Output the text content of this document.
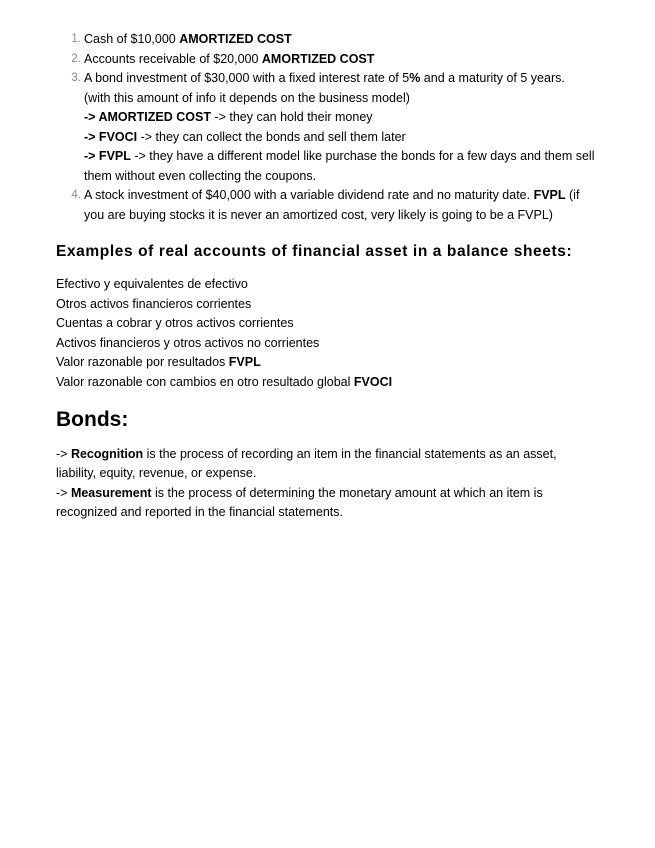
1. Cash of $10,000 AMORTIZED COST
2. Accounts receivable of $20,000 AMORTIZED COST
3. A bond investment of $30,000 with a fixed interest rate of 5% and a maturity of 5 years.
(with this amount of info it depends on the business model)
-> AMORTIZED COST -> they can hold their money
-> FVOCI -> they can collect the bonds and sell them later
-> FVPL -> they have a different model like purchase the bonds for a few days and them sell them without even collecting the coupons.
4. A stock investment of $40,000 with a variable dividend rate and no maturity date. FVPL (if you are buying stocks it is never an amortized cost, very likely is going to be a FVPL)
Examples of real accounts of financial asset in a balance sheets:
Efectivo y equivalentes de efectivo
Otros activos financieros corrientes
Cuentas a cobrar y otros activos corrientes
Activos financieros y otros activos no corrientes
Valor razonable por resultados FVPL
Valor razonable con cambios en otro resultado global FVOCI
Bonds:
-> Recognition is the process of recording an item in the financial statements as an asset, liability, equity, revenue, or expense.
-> Measurement is the process of determining the monetary amount at which an item is recognized and reported in the financial statements.
